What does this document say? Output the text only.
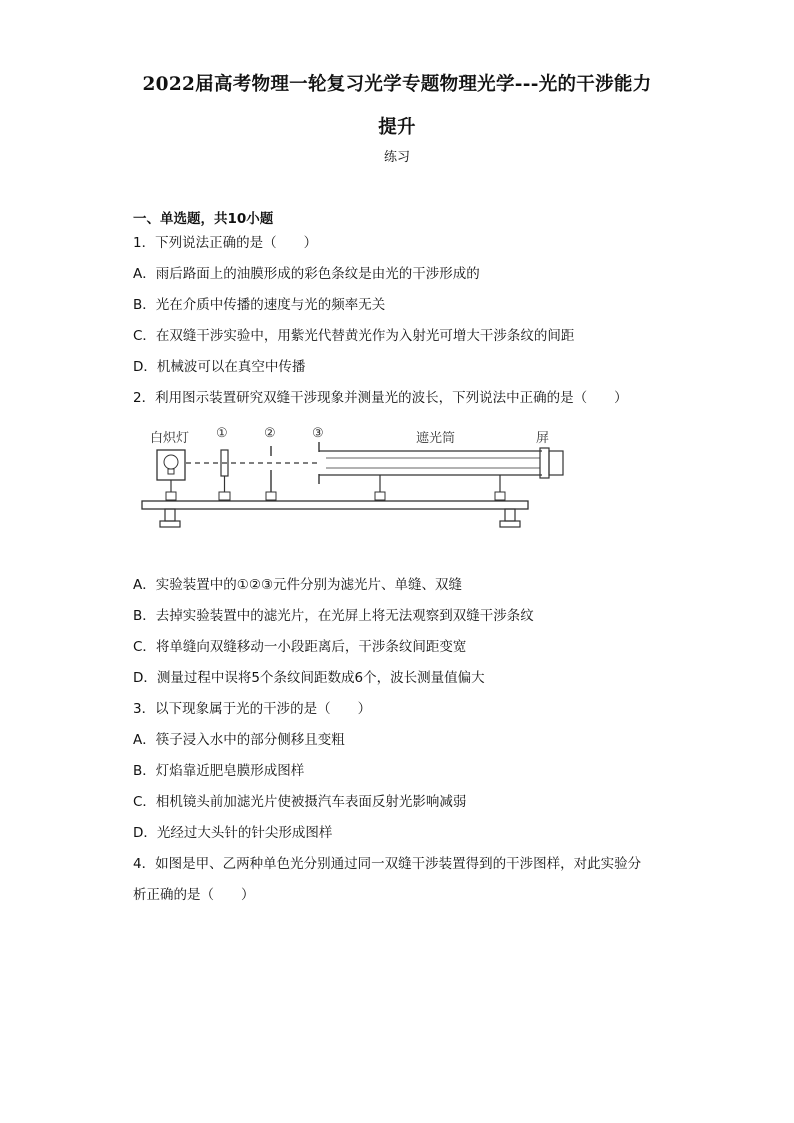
2022届高考物理一轮复习光学专题物理光学---光的干涉能力
提升
练习
一、单选题，共10小题
1．下列说法正确的是（　　）
A．雨后路面上的油膜形成的彩色条纹是由光的干涉形成的
B．光在介质中传播的速度与光的频率无关
C．在双缝干涉实验中，用紫光代替黄光作为入射光可增大干涉条纹的间距
D．机械波可以在真空中传播
2．利用图示装置研究双缝干涉现象并测量光的波长，下列说法中正确的是（　　）
白炽灯 ①	②	③	遮光筒	屏
A．实验装置中的①②③元件分别为滤光片、单缝、双缝
B．去掉实验装置中的滤光片，在光屏上将无法观察到双缝干涉条纹
C．将单缝向双缝移动一小段距离后，干涉条纹间距变宽
D．测量过程中误将5个条纹间距数成6个，波长测量值偏大
3．以下现象属于光的干涉的是（　　）
A．筷子浸入水中的部分侧移且变粗
B．灯焰靠近肥皂膜形成图样
C．相机镜头前加滤光片使被摄汽车表面反射光影响减弱
D．光经过大头针的针尖形成图样
4．如图是甲、乙两种单色光分别通过同一双缝干涉装置得到的干涉图样，对此实验分
析正确的是（　　）
